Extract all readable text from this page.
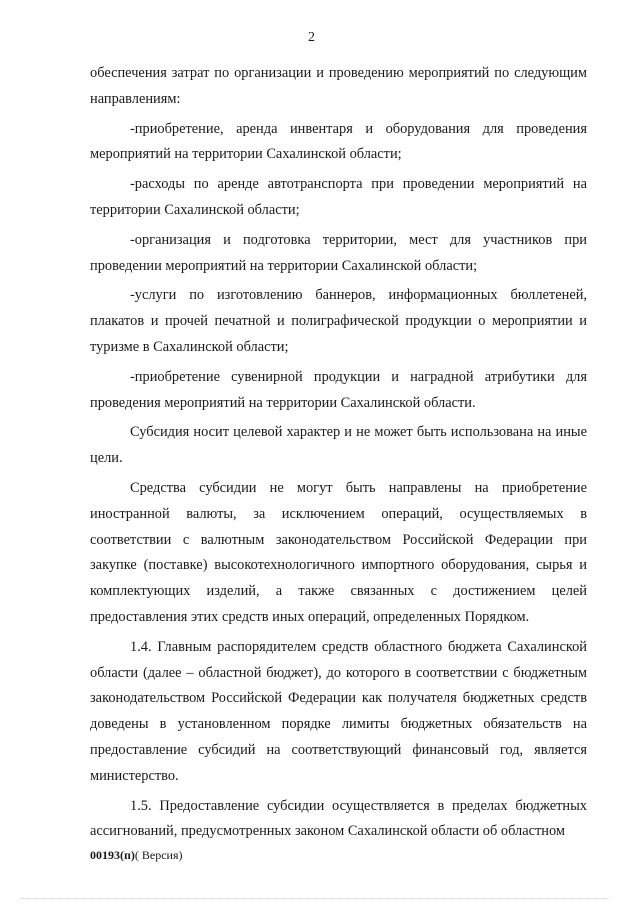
2

обеспечения затрат по организации и проведению мероприятий по следующим направлениям:

-приобретение, аренда инвентаря и оборудования для проведения мероприятий на территории Сахалинской области;

-расходы по аренде автотранспорта при проведении мероприятий на территории Сахалинской области;

-организация и подготовка территории, мест для участников при проведении мероприятий на территории Сахалинской области;

-услуги по изготовлению баннеров, информационных бюллетеней, плакатов и прочей печатной и полиграфической продукции о мероприятии и туризме в Сахалинской области;

-приобретение сувенирной продукции и наградной атрибутики для проведения мероприятий на территории Сахалинской области.

Субсидия носит целевой характер и не может быть использована на иные цели.

Средства субсидии не могут быть направлены на приобретение иностранной валюты, за исключением операций, осуществляемых в соответствии с валютным законодательством Российской Федерации при закупке (поставке) высокотехнологичного импортного оборудования, сырья и комплектующих изделий, а также связанных с достижением целей предоставления этих средств иных операций, определенных Порядком.

1.4. Главным распорядителем средств областного бюджета Сахалинской области (далее – областной бюджет), до которого в соответствии с бюджетным законодательством Российской Федерации как получателя бюджетных средств доведены в установленном порядке лимиты бюджетных обязательств на предоставление субсидий на соответствующий финансовый год, является министерство.

1.5. Предоставление субсидии осуществляется в пределах бюджетных ассигнований, предусмотренных законом Сахалинской области об областном

00193(п)( Версия)
